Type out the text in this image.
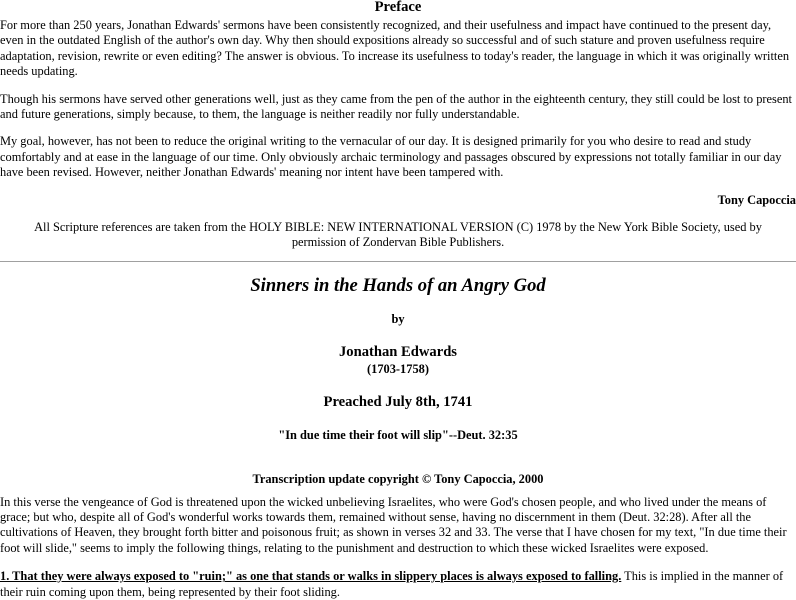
Preface

For more than 250 years, Jonathan Edwards' sermons have been consistently recognized, and their usefulness and impact have continued to the present day, even in the outdated English of the author's own day. Why then should expositions already so successful and of such stature and proven usefulness require adaptation, revision, rewrite or even editing? The answer is obvious. To increase its usefulness to today's reader, the language in which it was originally written needs updating.

Though his sermons have served other generations well, just as they came from the pen of the author in the eighteenth century, they still could be lost to present and future generations, simply because, to them, the language is neither readily nor fully understandable.

My goal, however, has not been to reduce the original writing to the vernacular of our day. It is designed primarily for you who desire to read and study comfortably and at ease in the language of our time. Only obviously archaic terminology and passages obscured by expressions not totally familiar in our day have been revised. However, neither Jonathan Edwards' meaning nor intent have been tampered with.

Tony Capoccia

All Scripture references are taken from the HOLY BIBLE: NEW INTERNATIONAL VERSION (C) 1978 by the New York Bible Society, used by permission of Zondervan Bible Publishers.

Sinners in the Hands of an Angry God

by

Jonathan Edwards

(1703-1758)

Preached July 8th, 1741

"In due time their foot will slip"--Deut. 32:35

Transcription update copyright © Tony Capoccia, 2000

In this verse the vengeance of God is threatened upon the wicked unbelieving Israelites, who were God's chosen people, and who lived under the means of grace; but who, despite all of God's wonderful works towards them, remained without sense, having no discernment in them (Deut. 32:28). After all the cultivations of Heaven, they brought forth bitter and poisonous fruit; as shown in verses 32 and 33. The verse that I have chosen for my text, "In due time their foot will slide," seems to imply the following things, relating to the punishment and destruction to which these wicked Israelites were exposed.

1. That they were always exposed to "ruin;" as one that stands or walks in slippery places is always exposed to falling. This is implied in the manner of their ruin coming upon them, being represented by their foot sliding.
